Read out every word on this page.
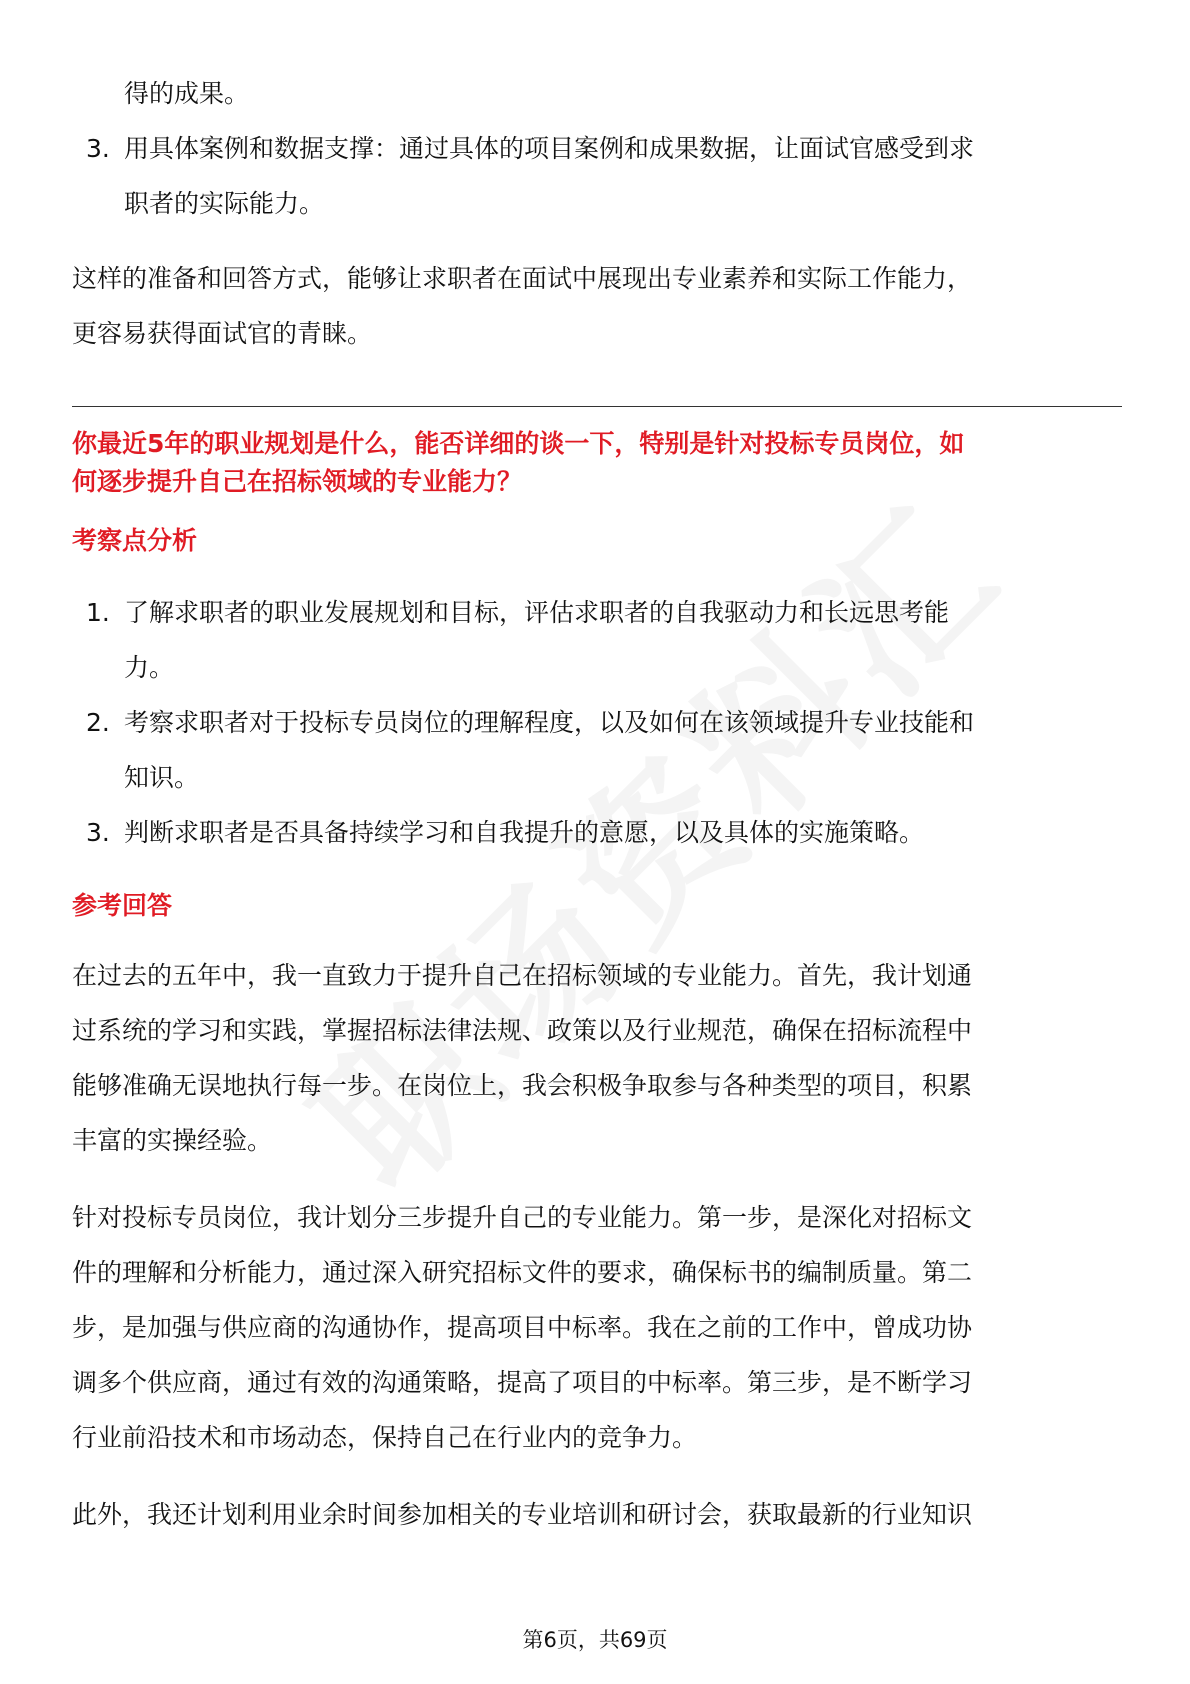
得的成果。
3. 用具体案例和数据支撑：通过具体的项目案例和成果数据，让面试官感受到求
职者的实际能力。

这样的准备和回答方式，能够让求职者在面试中展现出专业素养和实际工作能力，

更容易获得面试官的青睐。

你最近5年的职业规划是什么，能否详细的谈一下，特别是针对投标专员岗位，如

何逐步提升自己在招标领域的专业能力？

考察点分析

1. 了解求职者的职业发展规划和目标，评估求职者的自我驱动力和长远思考能
力。
2. 考察求职者对于投标专员岗位的理解程度，以及如何在该领域提升专业技能和
知识。
3. 判断求职者是否具备持续学习和自我提升的意愿，以及具体的实施策略。

参考回答

在过去的五年中，我一直致力于提升自己在招标领域的专业能力。首先，我计划通

过系统的学习和实践，掌握招标法律法规、政策以及行业规范，确保在招标流程中

能够准确无误地执行每一步。在岗位上，我会积极争取参与各种类型的项目，积累

丰富的实操经验。

针对投标专员岗位，我计划分三步提升自己的专业能力。第一步，是深化对招标文

件的理解和分析能力，通过深入研究招标文件的要求，确保标书的编制质量。第二

步，是加强与供应商的沟通协作，提高项目中标率。我在之前的工作中，曾成功协

调多个供应商，通过有效的沟通策略，提高了项目的中标率。第三步，是不断学习

行业前沿技术和市场动态，保持自己在行业内的竞争力。

此外，我还计划利用业余时间参加相关的专业培训和研讨会，获取最新的行业知识

第6页，共69页
